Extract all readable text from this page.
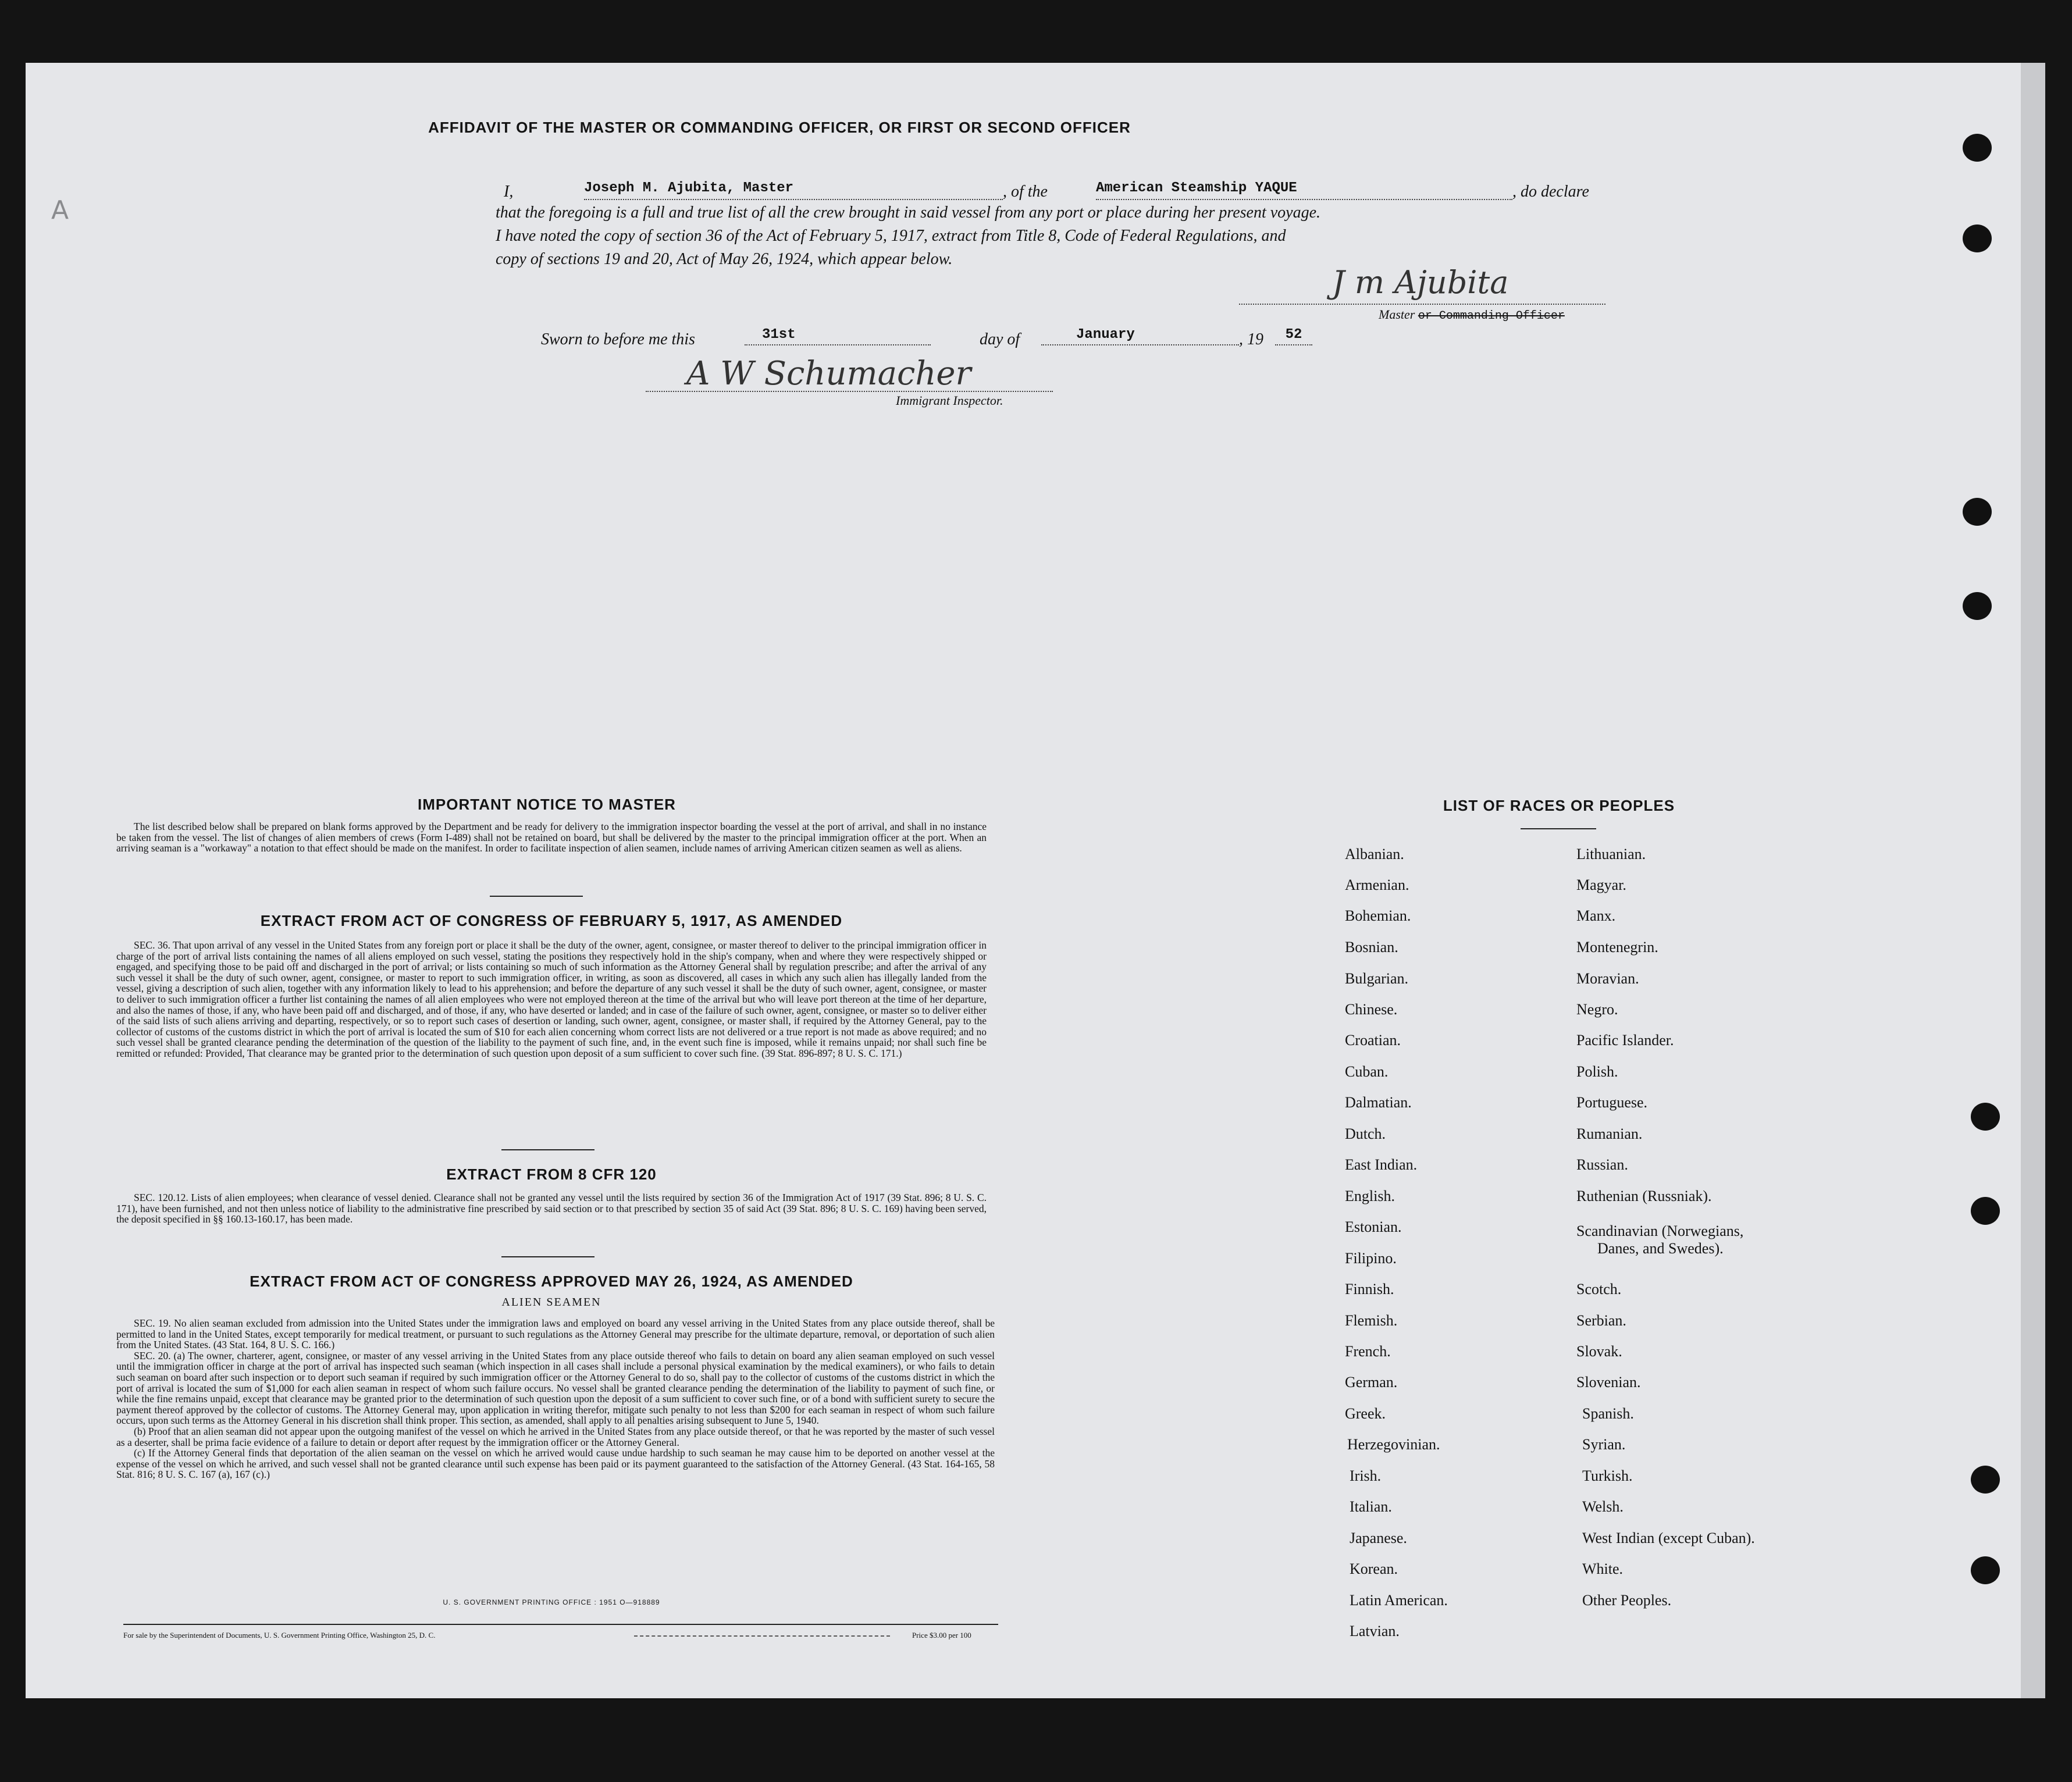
A
AFFIDAVIT OF THE MASTER OR COMMANDING OFFICER, OR FIRST OR SECOND OFFICER
I,	Joseph M. Ajubita, Master	, of the	American Steamship YAQUE	, do declare
that the foregoing is a full and true list of all the crew brought in said vessel from any port or place during her present voyage.
I have noted the copy of section 36 of the Act of February 5, 1917, extract from Title 8, Code of Federal Regulations, and
copy of sections 19 and 20, Act of May 26, 1924, which appear below.
J m Ajubita
Master or Commanding Officer
Sworn to before me this	31st	day of	January	, 19	52
A W Schumacher
Immigrant Inspector.
IMPORTANT NOTICE TO MASTER

The list described below shall be prepared on blank forms approved by the Department and be ready for delivery to the immigration inspector boarding the vessel at the port of arrival, and shall in no instance be taken from the vessel. The list of changes of alien members of crews (Form I-489) shall not be retained on board, but shall be delivered by the master to the principal immigration officer at the port. When an arriving seaman is a "workaway" a notation to that effect should be made on the manifest. In order to facilitate inspection of alien seamen, include names of arriving American citizen seamen as well as aliens.

EXTRACT FROM ACT OF CONGRESS OF FEBRUARY 5, 1917, AS AMENDED

SEC. 36. That upon arrival of any vessel in the United States from any foreign port or place it shall be the duty of the owner, agent, consignee, or master thereof to deliver to the principal immigration officer in charge of the port of arrival lists containing the names of all aliens employed on such vessel, stating the positions they respectively hold in the ship's company, when and where they were respectively shipped or engaged, and specifying those to be paid off and discharged in the port of arrival; or lists containing so much of such information as the Attorney General shall by regulation prescribe; and after the arrival of any such vessel it shall be the duty of such owner, agent, consignee, or master to report to such immigration officer, in writing, as soon as discovered, all cases in which any such alien has illegally landed from the vessel, giving a description of such alien, together with any information likely to lead to his apprehension; and before the departure of any such vessel it shall be the duty of such owner, agent, consignee, or master to deliver to such immigration officer a further list containing the names of all alien employees who were not employed thereon at the time of the arrival but who will leave port thereon at the time of her departure, and also the names of those, if any, who have been paid off and discharged, and of those, if any, who have deserted or landed; and in case of the failure of such owner, agent, consignee, or master so to deliver either of the said lists of such aliens arriving and departing, respectively, or so to report such cases of desertion or landing, such owner, agent, consignee, or master shall, if required by the Attorney General, pay to the collector of customs of the customs district in which the port of arrival is located the sum of $10 for each alien concerning whom correct lists are not delivered or a true report is not made as above required; and no such vessel shall be granted clearance pending the determination of the question of the liability to the payment of such fine, and, in the event such fine is imposed, while it remains unpaid; nor shall such fine be remitted or refunded: Provided, That clearance may be granted prior to the determination of such question upon deposit of a sum sufficient to cover such fine. (39 Stat. 896-897; 8 U. S. C. 171.)

EXTRACT FROM 8 CFR 120

SEC. 120.12. Lists of alien employees; when clearance of vessel denied. Clearance shall not be granted any vessel until the lists required by section 36 of the Immigration Act of 1917 (39 Stat. 896; 8 U. S. C. 171), have been furnished, and not then unless notice of liability to the administrative fine prescribed by said section or to that prescribed by section 35 of said Act (39 Stat. 896; 8 U. S. C. 169) having been served, the deposit specified in §§ 160.13-160.17, has been made.

EXTRACT FROM ACT OF CONGRESS APPROVED MAY 26, 1924, AS AMENDED
ALIEN SEAMEN

SEC. 19. No alien seaman excluded from admission into the United States under the immigration laws and employed on board any vessel arriving in the United States from any place outside thereof, shall be permitted to land in the United States, except temporarily for medical treatment, or pursuant to such regulations as the Attorney General may prescribe for the ultimate departure, removal, or deportation of such alien from the United States. (43 Stat. 164, 8 U. S. C. 166.)

SEC. 20. (a) The owner, charterer, agent, consignee, or master of any vessel arriving in the United States from any place outside thereof who fails to detain on board any alien seaman employed on such vessel until the immigration officer in charge at the port of arrival has inspected such seaman (which inspection in all cases shall include a personal physical examination by the medical examiners), or who fails to detain such seaman on board after such inspection or to deport such seaman if required by such immigration officer or the Attorney General to do so, shall pay to the collector of customs of the customs district in which the port of arrival is located the sum of $1,000 for each alien seaman in respect of whom such failure occurs. No vessel shall be granted clearance pending the determination of the liability to payment of such fine, or while the fine remains unpaid, except that clearance may be granted prior to the determination of such question upon the deposit of a sum sufficient to cover such fine, or of a bond with sufficient surety to secure the payment thereof approved by the collector of customs. The Attorney General may, upon application in writing therefor, mitigate such penalty to not less than $200 for each seaman in respect of whom such failure occurs, upon such terms as the Attorney General in his discretion shall think proper. This section, as amended, shall apply to all penalties arising subsequent to June 5, 1940.

(b) Proof that an alien seaman did not appear upon the outgoing manifest of the vessel on which he arrived in the United States from any place outside thereof, or that he was reported by the master of such vessel as a deserter, shall be prima facie evidence of a failure to detain or deport after request by the immigration officer or the Attorney General.

(c) If the Attorney General finds that deportation of the alien seaman on the vessel on which he arrived would cause undue hardship to such seaman he may cause him to be deported on another vessel at the expense of the vessel on which he arrived, and such vessel shall not be granted clearance until such expense has been paid or its payment guaranteed to the satisfaction of the Attorney General. (43 Stat. 164-165, 58 Stat. 816; 8 U. S. C. 167 (a), 167 (c).)

U. S. GOVERNMENT PRINTING OFFICE : 1951 O—918889
For sale by the Superintendent of Documents, U. S. Government Printing Office, Washington 25, D. C.	Price $3.00 per 100
LIST OF RACES OR PEOPLES
Albanian.
Armenian.
Bohemian.
Bosnian.
Bulgarian.
Chinese.
Croatian.
Cuban.
Dalmatian.
Dutch.
East Indian.
English.
Estonian.
Filipino.
Finnish.
Flemish.
French.
German.
Greek.
Herzegovinian.
Irish.
Italian.
Japanese.
Korean.
Latin American.
Latvian.
Lithuanian.
Magyar.
Manx.
Montenegrin.
Moravian.
Negro.
Pacific Islander.
Polish.
Portuguese.
Rumanian.
Russian.
Ruthenian (Russniak).
Scandinavian (Norwegians, Danes, and Swedes).
Scotch.
Serbian.
Slovak.
Slovenian.
Spanish.
Syrian.
Turkish.
Welsh.
West Indian (except Cuban).
White.
Other Peoples.
